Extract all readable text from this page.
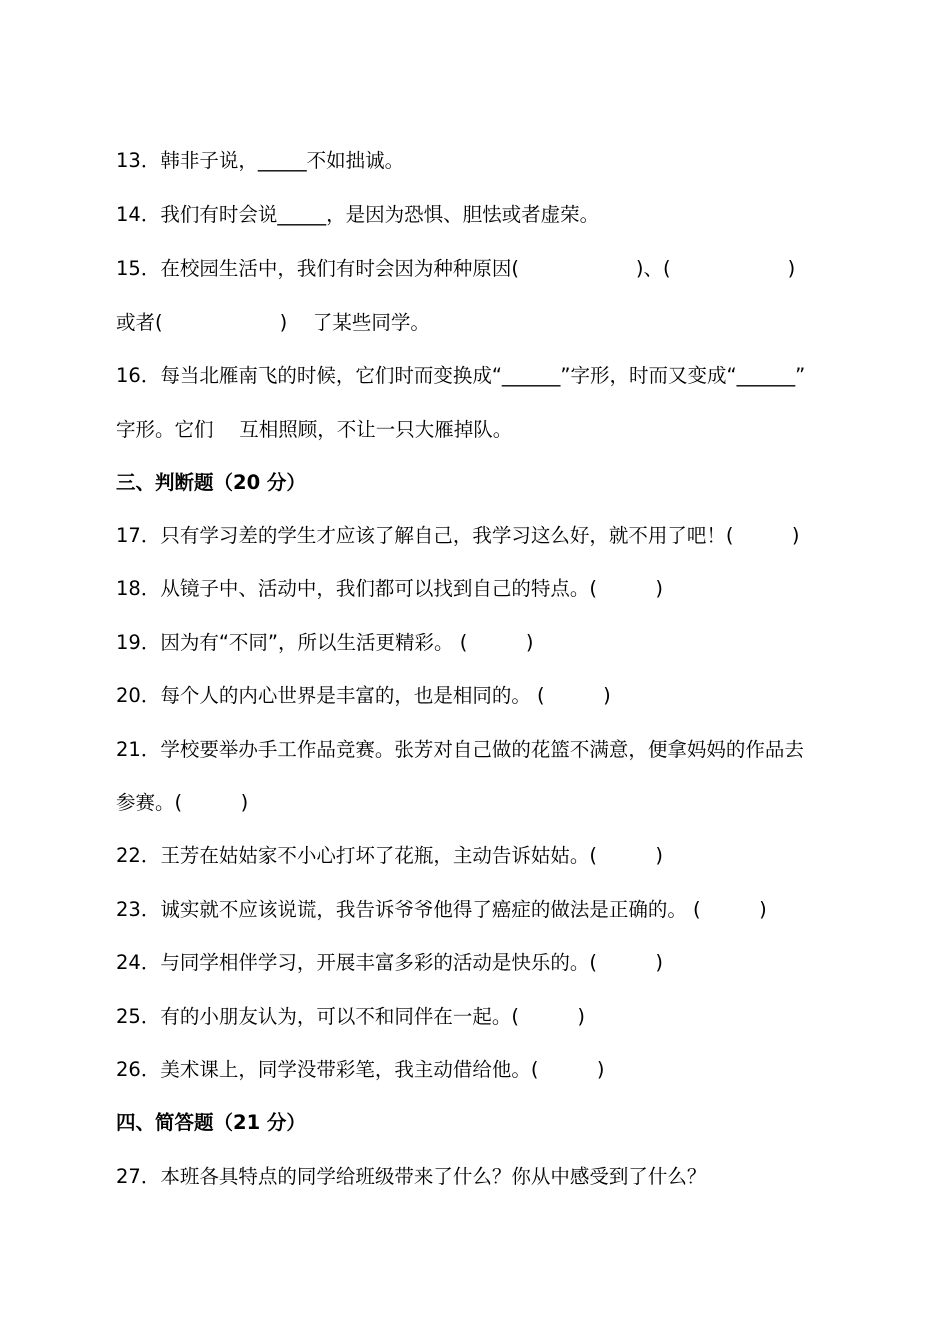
13．韩非子说，_____不如拙诚。
14．我们有时会说_____，是因为恐惧、胆怯或者虚荣。
15．在校园生活中，我们有时会因为种种原因(　　　　　　)、(　　　　　　)
或者(　　　　　　)　 了某些同学。
16．每当北雁南飞的时候，它们时而变换成“______”字形，时而又变成“______”
字形。它们　 互相照顾，不让一只大雁掉队。
三、判断题（20 分）
17．只有学习差的学生才应该了解自己，我学习这么好，就不用了吧！(　　　)
18．从镜子中、活动中，我们都可以找到自己的特点。(　　　)
19．因为有“不同”，所以生活更精彩。 (　　　)
20．每个人的内心世界是丰富的，也是相同的。 (　　　)
21．学校要举办手工作品竞赛。张芳对自己做的花篮不满意，便拿妈妈的作品去
参赛。(　　　)
22．王芳在姑姑家不小心打坏了花瓶，主动告诉姑姑。(　　　)
23．诚实就不应该说谎，我告诉爷爷他得了癌症的做法是正确的。 (　　　)
24．与同学相伴学习，开展丰富多彩的活动是快乐的。(　　　)
25．有的小朋友认为，可以不和同伴在一起。(　　　)
26．美术课上，同学没带彩笔，我主动借给他。(　　　)
四、简答题（21 分）
27．本班各具特点的同学给班级带来了什么？你从中感受到了什么？
